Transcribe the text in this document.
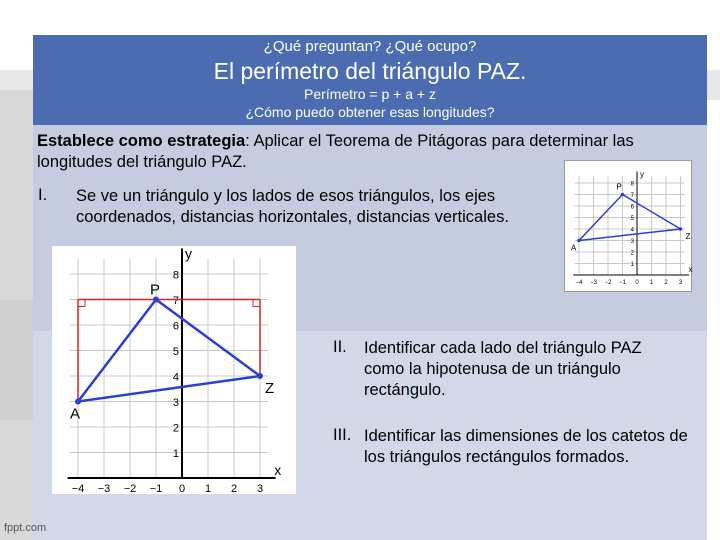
¿Qué preguntan? ¿Qué ocupo?
El perímetro del triángulo PAZ.
Perímetro = p + a + z
¿Cómo puedo obtener esas longitudes?
Establece como estrategia: Aplicar el Teorema de Pitágoras para determinar las longitudes del triángulo PAZ.
I. Se ve un triángulo y los lados de esos triángulos, los ejes coordenados, distancias horizontales, distancias verticales.
II. Identificar cada lado del triángulo PAZ como la hipotenusa de un triángulo rectángulo.
III. Identificar las dimensiones de los catetos de los triángulos rectángulos formados.
x
y
−4 −3 −2 −1 0 1 2 3
1
2
3
4
5
6
7
8
P
A
Z
x
y
−4 −3 −2 −1 0 1 2 3
1
2
3
4
5
6
7
8
P
A
Z
fppt.com
